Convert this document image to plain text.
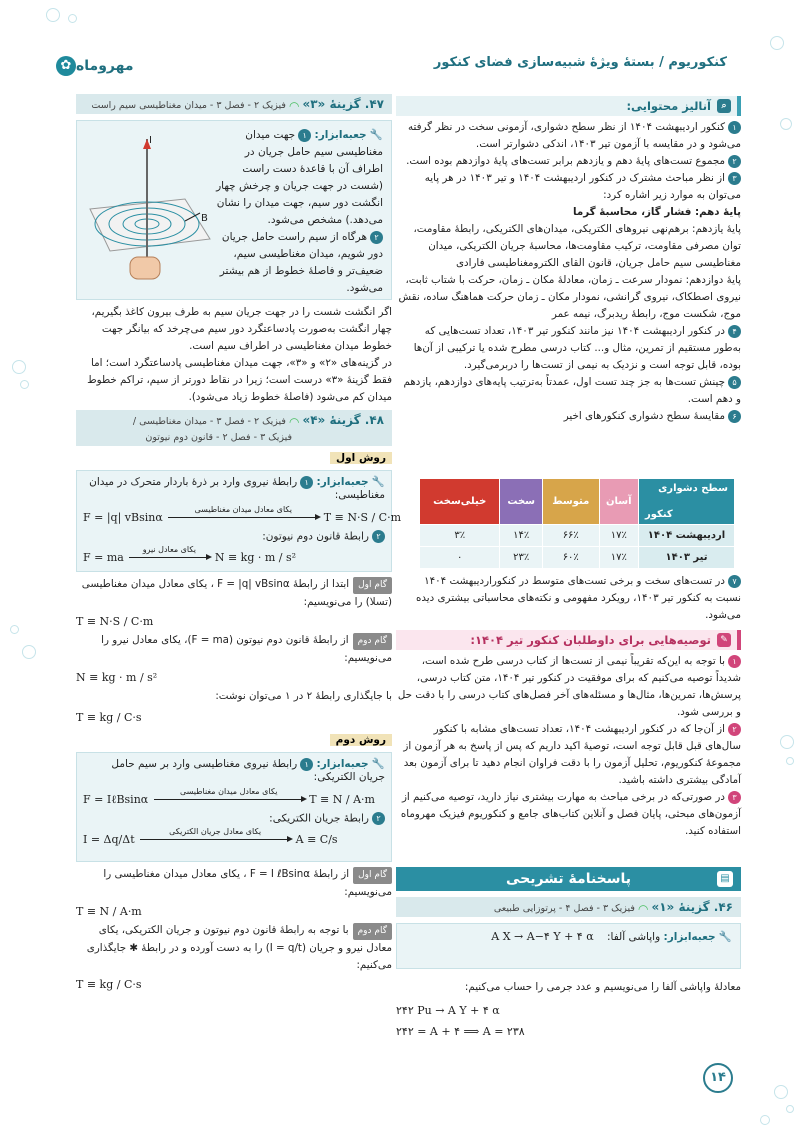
کنکوریوم / بستهٔ ویژهٔ شبیه‌سازی فضای کنکور
✿ مهروماه
⌕
آنالیز محتوایی:
۱کنکور اردیبهشت ۱۴۰۴ از نظر سطح دشواری، آزمونی سخت در نظر گرفته می‌شود و در مقایسه با آزمون تیر ۱۴۰۳، اندکی دشوارتر است.
۲مجموع تست‌های پایهٔ دهم و یازدهم برابر تست‌های پایهٔ دوازدهم بوده است.
۳از نظر مباحث مشترک در کنکور اردیبهشت ۱۴۰۴ و تیر ۱۴۰۳ در هر پایه می‌توان به موارد زیر اشاره کرد:
پایهٔ دهم: فشار گاز، محاسبهٔ گرما
پایهٔ یازدهم: برهم‌نهی نیروهای الکتریکی، میدان‌های الکتریکی، رابطهٔ مقاومت، توان مصرفی مقاومت، ترکیب مقاومت‌ها، محاسبهٔ جریان الکتریکی، میدان مغناطیسی سیم حامل جریان، قانون القای الکترومغناطیسی فارادی
پایهٔ دوازدهم: نمودار سرعت ـ زمان، معادلهٔ مکان ـ زمان، حرکت با شتاب ثابت، نیروی اصطکاک، نیروی گرانشی، نمودار مکان ـ زمان حرکت هماهنگ ساده، نقش موج، شکست موج، رابطهٔ ریدبرگ، نیمه عمر
۴در کنکور اردیبهشت ۱۴۰۴ نیز مانند کنکور تیر ۱۴۰۳، تعداد تست‌هایی که به‌طور مستقیم از تمرین، مثال و... کتاب درسی مطرح شده یا ترکیبی از آن‌ها بوده، قابل توجه است و نزدیک به نیمی از تست‌ها را دربرمی‌گیرد.
۵چینش تست‌ها به جز چند تست اول، عمدتاً به‌ترتیب پایه‌های دوازدهم، یازدهم و دهم است.
۶مقایسهٔ سطح دشواری کنکورهای اخیر
سطح دشواری
کنکور	آسان	متوسط	سخت	خیلی‌سخت
اردیبهشت ۱۴۰۴	۱۷٪	۶۶٪	۱۴٪	۳٪
تیر ۱۴۰۳	۱۷٪	۶۰٪	۲۳٪	۰
۷در تست‌های سخت و برخی تست‌های متوسط در کنکوراردیبهشت ۱۴۰۴ نسبت به کنکور تیر ۱۴۰۳، رویکرد مفهومی و نکته‌های محاسباتی بیشتری دیده می‌شود.
✎
توصیه‌هایی برای داوطلبان کنکور تیر ۱۴۰۴:
۱با توجه به این‌که تقریباً نیمی از تست‌ها از کتاب درسی طرح شده است، شدیداً توصیه می‌کنیم که برای موفقیت در کنکور تیر ۱۴۰۴، متن کتاب درسی، پرسش‌ها، تمرین‌ها، مثال‌ها و مسئله‌های آخر فصل‌های کتاب درسی را با دقت حل و بررسی شود.
۲از آن‌جا که در کنکور اردیبهشت ۱۴۰۴، تعداد تست‌های مشابه با کنکور سال‌های قبل قابل توجه است، توصیهٔ اکید داریم که پس از پاسخ به هر آزمون از مجموعهٔ کنکوریوم، تحلیل آزمون را با دقت فراوان انجام دهید تا برای آزمون بعد آمادگی بیشتری داشته باشید.
۳در صورتی‌که در برخی مباحث به مهارت بیشتری نیاز دارید، توصیه می‌کنیم از آزمون‌های مبحثی، پایان فصل و آنلاین کتاب‌های جامع و کنکوریوم فیزیک مهروماه استفاده کنید.
پاسخنامهٔ تشریحی	▤
۴۶. گزینهٔ «۱» ◠ فیزیک ۳ - فصل ۴ - پرتوزایی طبیعی
🔧 جعبه‌ابزار: واپاشی آلفا: A X → A−۴ Y + ۴ α
معادلهٔ واپاشی آلفا را می‌نویسیم و عدد جرمی را حساب می‌کنیم:
۲۴۲ Pu → A Y + ۴ α
۲۴۲ = A + ۴ ⟹ A = ۲۳۸
۴۷. گزینهٔ «۳» ◠ فیزیک ۲ - فصل ۳ - میدان مغناطیسی سیم راست
🔧 جعبه‌ابزار: ۱جهت میدان مغناطیسی سیم حامل جریان در اطراف آن با قاعدهٔ دست راست (شست در جهت جریان و چرخش چهار انگشت دور سیم، جهت میدان را نشان می‌دهد.) مشخص می‌شود.
۲هرگاه از سیم راست حامل جریان دور شویم، میدان مغناطیسی سیم، ضعیف‌تر و فاصلهٔ خطوط از هم بیشتر می‌شود.
I
B
اگر انگشت شست را در جهت جریان سیم به طرف بیرون کاغذ بگیریم، چهار انگشت به‌صورت پادساعتگرد دور سیم می‌چرخد که بیانگر جهت خطوط میدان مغناطیسی در اطراف سیم است.
در گزینه‌های «۲» و «۳»، جهت میدان مغناطیسی پادساعتگرد است؛ اما فقط گزینهٔ «۳» درست است؛ زیرا در نقاط دورتر از سیم، تراکم خطوط میدان کم می‌شود (فاصلهٔ خطوط زیاد می‌شود).
۴۸. گزینهٔ «۴» ◠ فیزیک ۲ - فصل ۳ - میدان مغناطیسی /
فیزیک ۳ - فصل ۲ - قانون دوم نیوتون
روش اول
🔧 جعبه‌ابزار: ۱رابطهٔ نیروی وارد بر ذرهٔ باردار متحرک در میدان مغناطیسی:
F = |q| vBsinα
یکای معادل میدان مغناطیسی
T ≡ N·S / C·m
۲رابطهٔ قانون دوم نیوتون:
F = ma
یکای معادل نیرو
N ≡ kg · m / s²
گام اولابتدا از رابطهٔ F = |q| vBsinα ، یکای معادل میدان مغناطیسی (تسلا) را می‌نویسیم:
T ≡ N·S / C·m
گام دوماز رابطهٔ قانون دوم نیوتون (F = ma)، یکای معادل نیرو را می‌نویسیم:
N ≡ kg · m / s²
با جایگذاری رابطهٔ ۲ در ۱ می‌توان نوشت:
T ≡ kg / C·s
روش دوم
🔧 جعبه‌ابزار: ۱رابطهٔ نیروی مغناطیسی وارد بر سیم حامل جریان الکتریکی:
F = IℓBsinα
یکای معادل میدان مغناطیسی
T ≡ N / A·m
۲رابطهٔ جریان الکتریکی:
I = Δq/Δt
یکای معادل جریان الکتریکی
A ≡ C/s
گام اولاز رابطهٔ F = I ℓBsinα ، یکای معادل میدان مغناطیسی را می‌نویسیم:
T ≡ N / A·m
گام دومبا توجه به رابطهٔ قانون دوم نیوتون و جریان الکتریکی، یکای معادل نیرو و جریان (I = q/t) را به دست آورده و در رابطهٔ ✱ جایگذاری می‌کنیم:
T ≡ kg / C·s
۱۴
